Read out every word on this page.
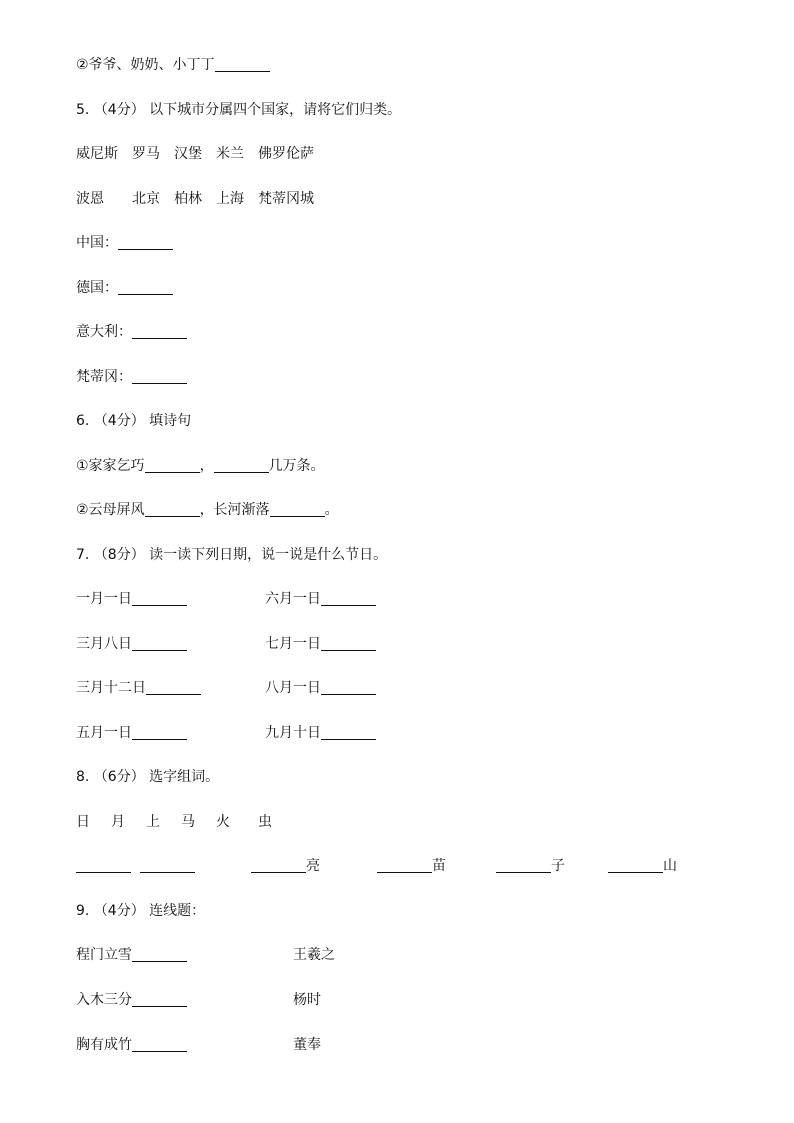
②爷爷、奶奶、小丁丁
5. （4分） 以下城市分属四个国家，请将它们归类。
威尼斯 罗马 汉堡 米兰 佛罗伦萨
波恩 北京 柏林 上海 梵蒂冈城
中国：
德国：
意大利：
梵蒂冈：
6. （4分） 填诗句
①家家乞巧	，	几万条。
②云母屏风	，长河渐落	。
7. （8分） 读一读下列日期，说一说是什么节日。
一月一日	六月一日
三月八日	七月一日
三月十二日	八月一日
五月一日	九月十日
8. （6分） 选字组词。
日 月 上 马 火 虫
亮	苗	子	山
9. （4分） 连线题：
程门立雪	王羲之
入木三分	杨时
胸有成竹	董奉
